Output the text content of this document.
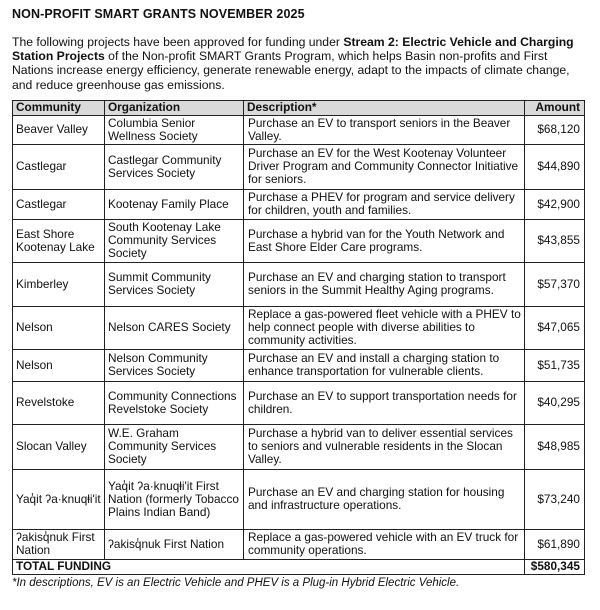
NON-PROFIT SMART GRANTS NOVEMBER 2025

The following projects have been approved for funding under Stream 2: Electric Vehicle and Charging Station Projects of the Non-profit SMART Grants Program, which helps Basin non-profits and First Nations increase energy efficiency, generate renewable energy, adapt to the impacts of climate change, and reduce greenhouse gas emissions.

Community	Organization	Description*	Amount
Beaver Valley	Columbia Senior Wellness Society	Purchase an EV to transport seniors in the Beaver Valley.	$68,120
Castlegar	Castlegar Community Services Society	Purchase an EV for the West Kootenay Volunteer Driver Program and Community Connector Initiative for seniors.	$44,890
Castlegar	Kootenay Family Place	Purchase a PHEV for program and service delivery for children, youth and families.	$42,900
East Shore Kootenay Lake	South Kootenay Lake Community Services Society	Purchase a hybrid van for the Youth Network and East Shore Elder Care programs.	$43,855
Kimberley	Summit Community Services Society	Purchase an EV and charging station to transport seniors in the Summit Healthy Aging programs.	$57,370
Nelson	Nelson CARES Society	Replace a gas-powered fleet vehicle with a PHEV to help connect people with diverse abilities to community activities.	$47,065
Nelson	Nelson Community Services Society	Purchase an EV and install a charging station to enhance transportation for vulnerable clients.	$51,735
Revelstoke	Community Connections Revelstoke Society	Purchase an EV to support transportation needs for children.	$40,295
Slocan Valley	W.E. Graham Community Services Society	Purchase a hybrid van to deliver essential services to seniors and vulnerable residents in the Slocan Valley.	$48,985
Yaq̓it ʔa·knuqⱡi'it	Yaq̓it ʔa·knuqⱡi'it First Nation (formerly Tobacco Plains Indian Band)	Purchase an EV and charging station for housing and infrastructure operations.	$73,240
ʔakisq̓nuk First Nation	ʔakisq̓nuk First Nation	Replace a gas-powered vehicle with an EV truck for community operations.	$61,890
TOTAL FUNDING			$580,345
*In descriptions, EV is an Electric Vehicle and PHEV is a Plug-in Hybrid Electric Vehicle.
